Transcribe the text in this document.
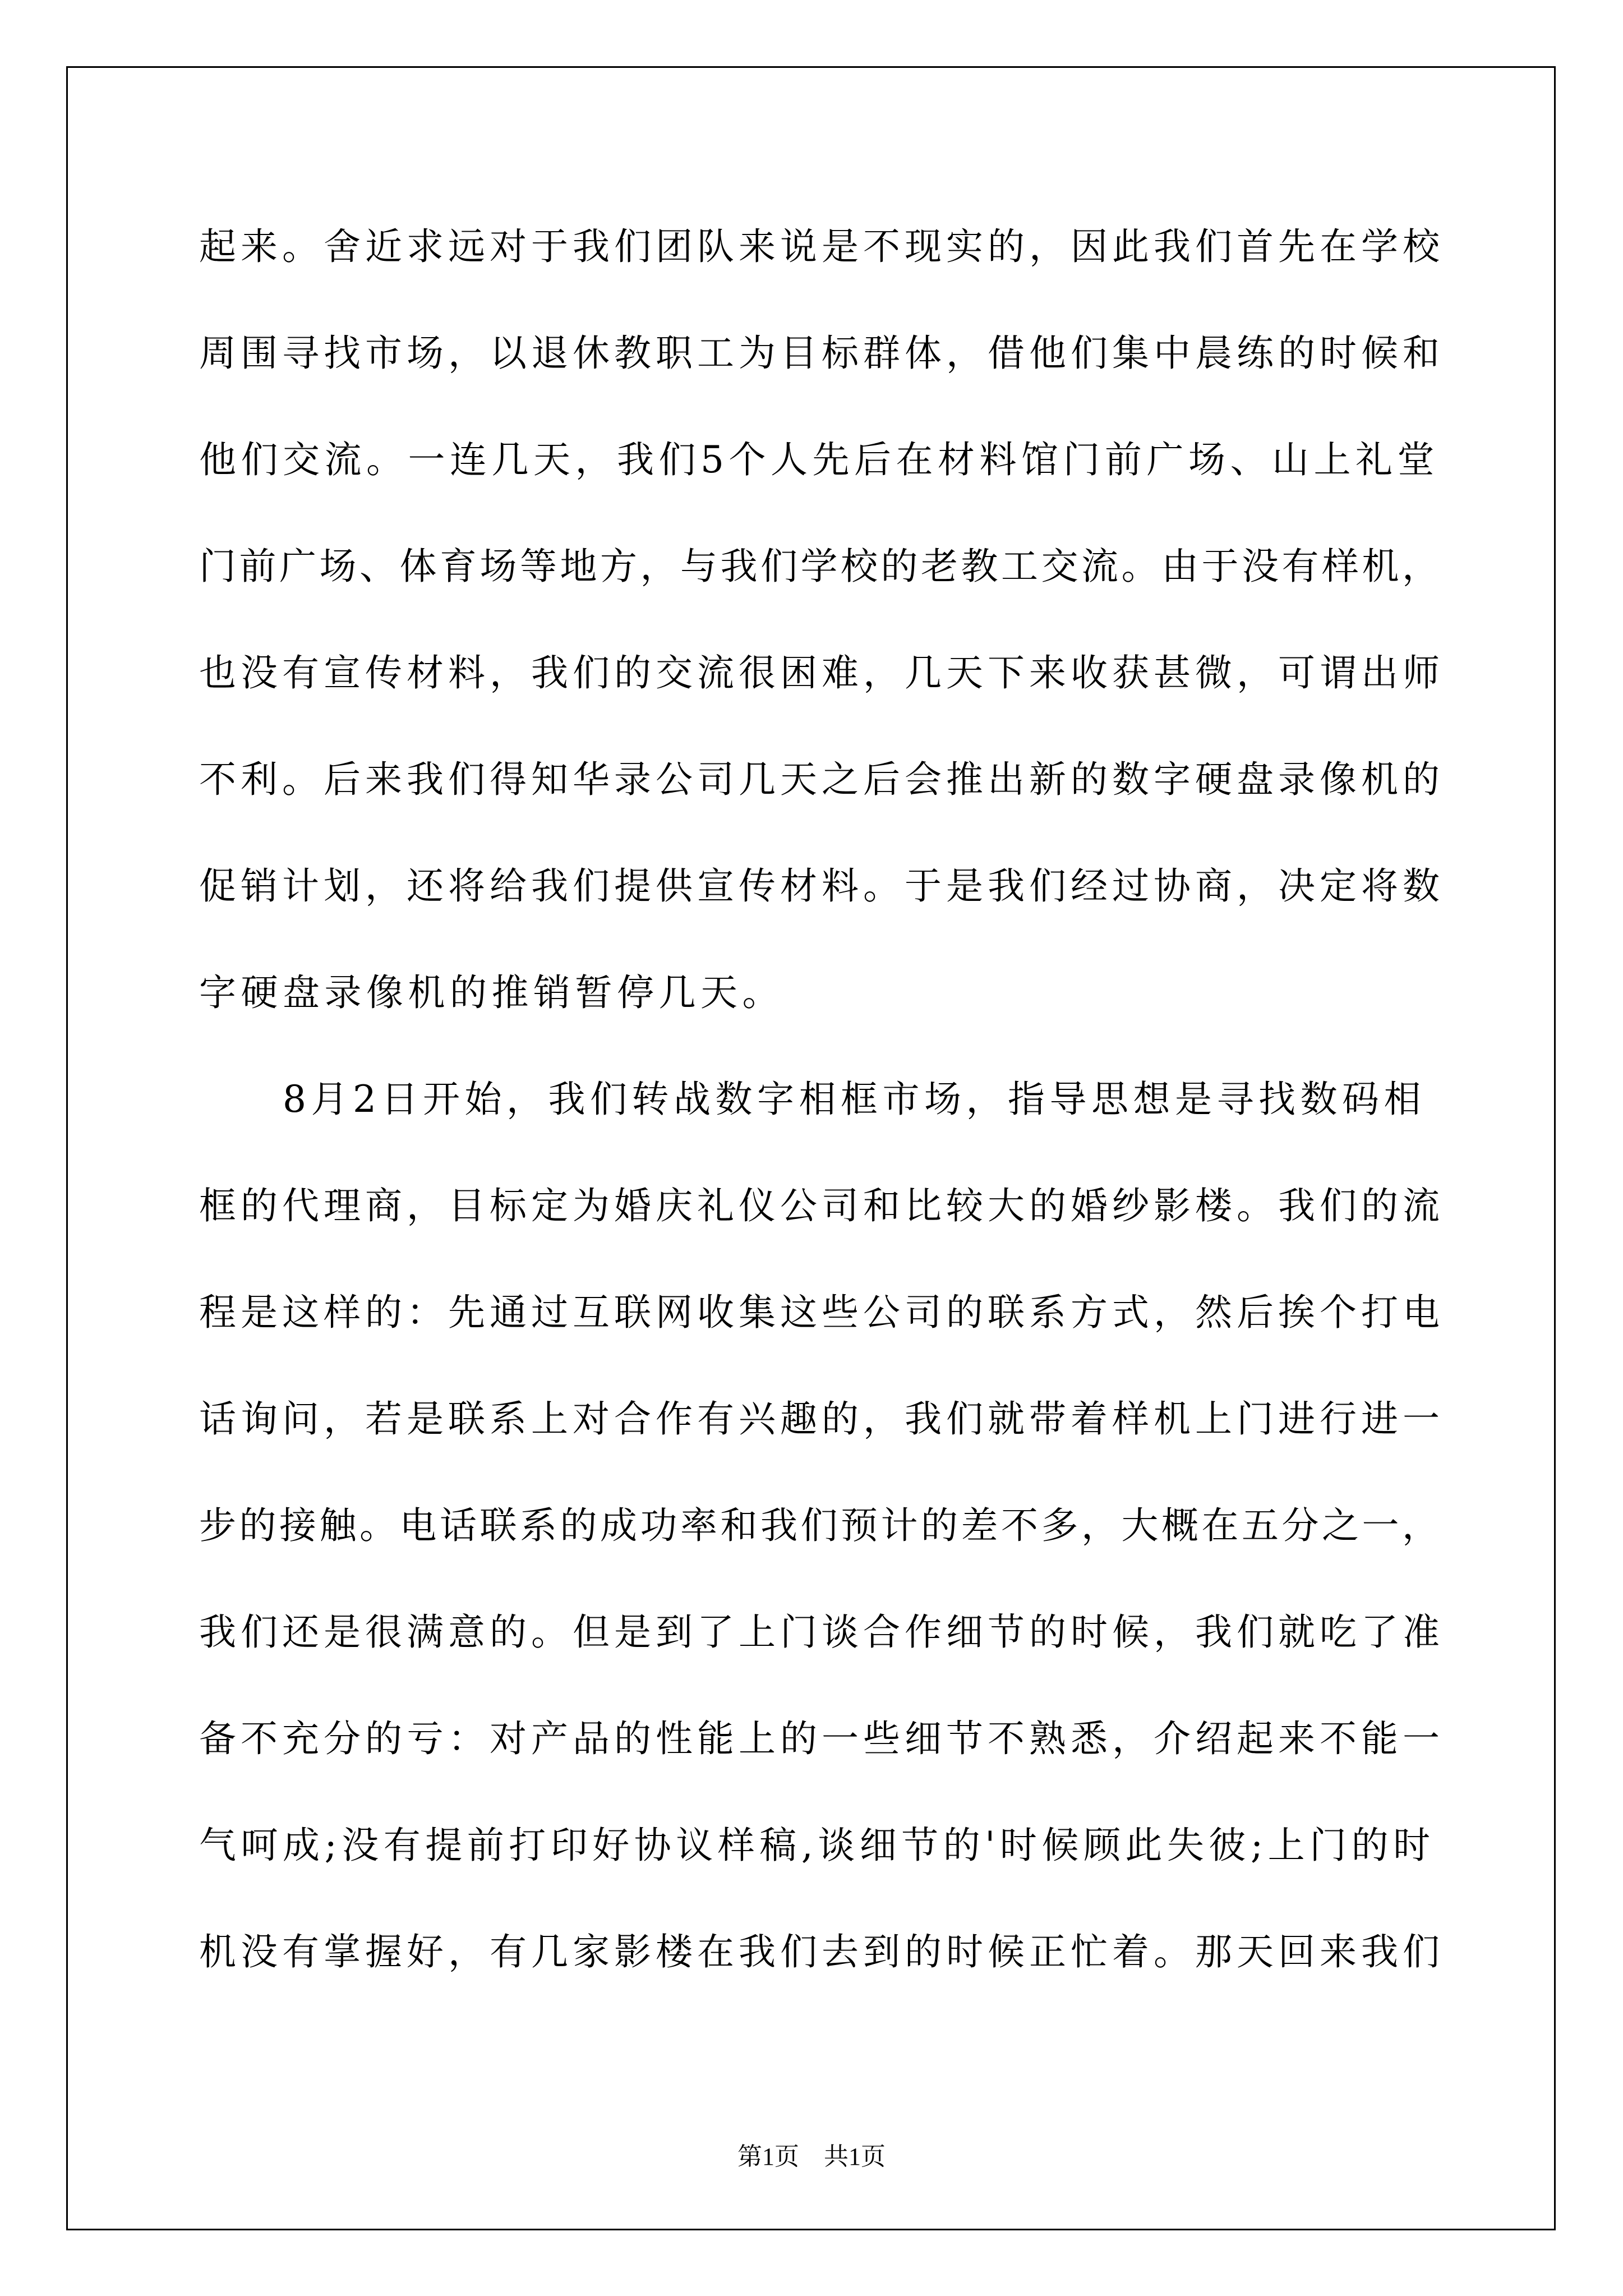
起来。舍近求远对于我们团队来说是不现实的，因此我们首先在学校
周围寻找市场，以退休教职工为目标群体，借他们集中晨练的时候和
他们交流。一连几天，我们5个人先后在材料馆门前广场、山上礼堂
门前广场、体育场等地方，与我们学校的老教工交流。由于没有样机，
也没有宣传材料，我们的交流很困难，几天下来收获甚微，可谓出师
不利。后来我们得知华录公司几天之后会推出新的数字硬盘录像机的
促销计划，还将给我们提供宣传材料。于是我们经过协商，决定将数
字硬盘录像机的推销暂停几天。
　　8月2日开始，我们转战数字相框市场，指导思想是寻找数码相
框的代理商，目标定为婚庆礼仪公司和比较大的婚纱影楼。我们的流
程是这样的：先通过互联网收集这些公司的联系方式，然后挨个打电
话询问，若是联系上对合作有兴趣的，我们就带着样机上门进行进一
步的接触。电话联系的成功率和我们预计的差不多，大概在五分之一，
我们还是很满意的。但是到了上门谈合作细节的时候，我们就吃了准
备不充分的亏：对产品的性能上的一些细节不熟悉，介绍起来不能一
气呵成;没有提前打印好协议样稿,谈细节的'时候顾此失彼;上门的时
机没有掌握好，有几家影楼在我们去到的时候正忙着。那天回来我们
第1页　共1页
